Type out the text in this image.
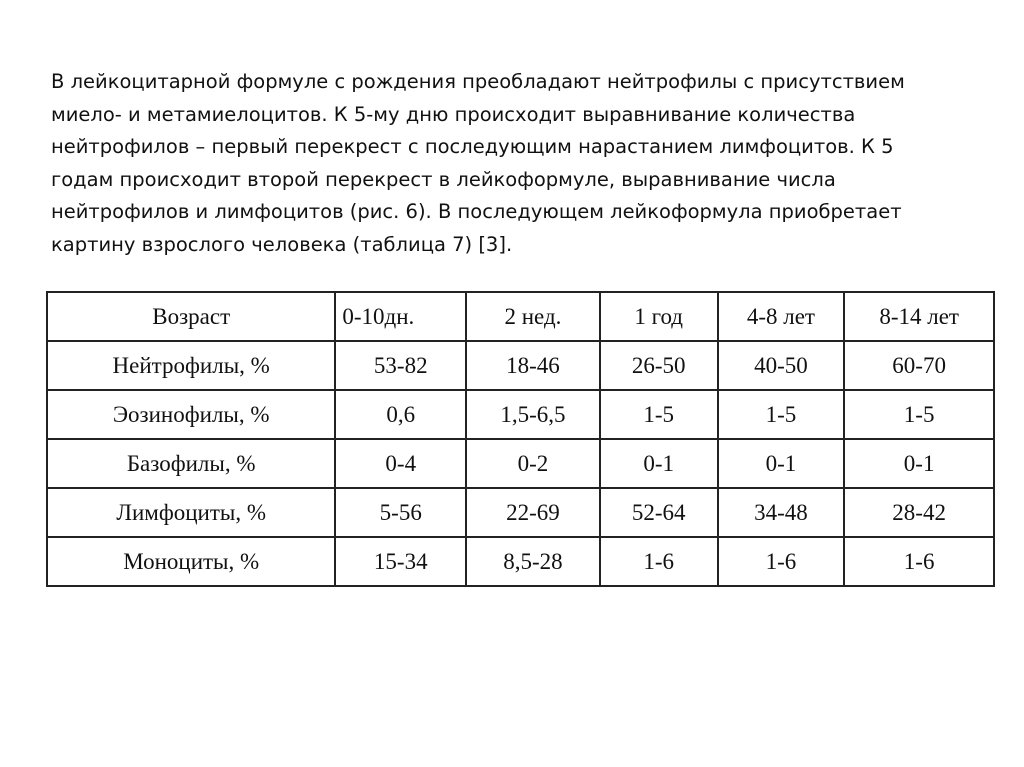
В лейкоцитарной формуле с рождения преобладают нейтрофилы с присутствием
миело- и метамиелоцитов. К 5-му дню происходит выравнивание количества
нейтрофилов – первый перекрест с последующим нарастанием лимфоцитов. К 5
годам происходит второй перекрест в лейкоформуле, выравнивание числа
нейтрофилов и лимфоцитов (рис. 6). В последующем лейкоформула приобретает
картину взрослого человека (таблица 7) [3].
Возраст	0-10дн.	2 нед.	1 год	4-8 лет	8-14 лет
Нейтрофилы, %	53-82	18-46	26-50	40-50	60-70
Эозинофилы, %	0,6	1,5-6,5	1-5	1-5	1-5
Базофилы, %	0-4	0-2	0-1	0-1	0-1
Лимфоциты, %	5-56	22-69	52-64	34-48	28-42
Моноциты, %	15-34	8,5-28	1-6	1-6	1-6
